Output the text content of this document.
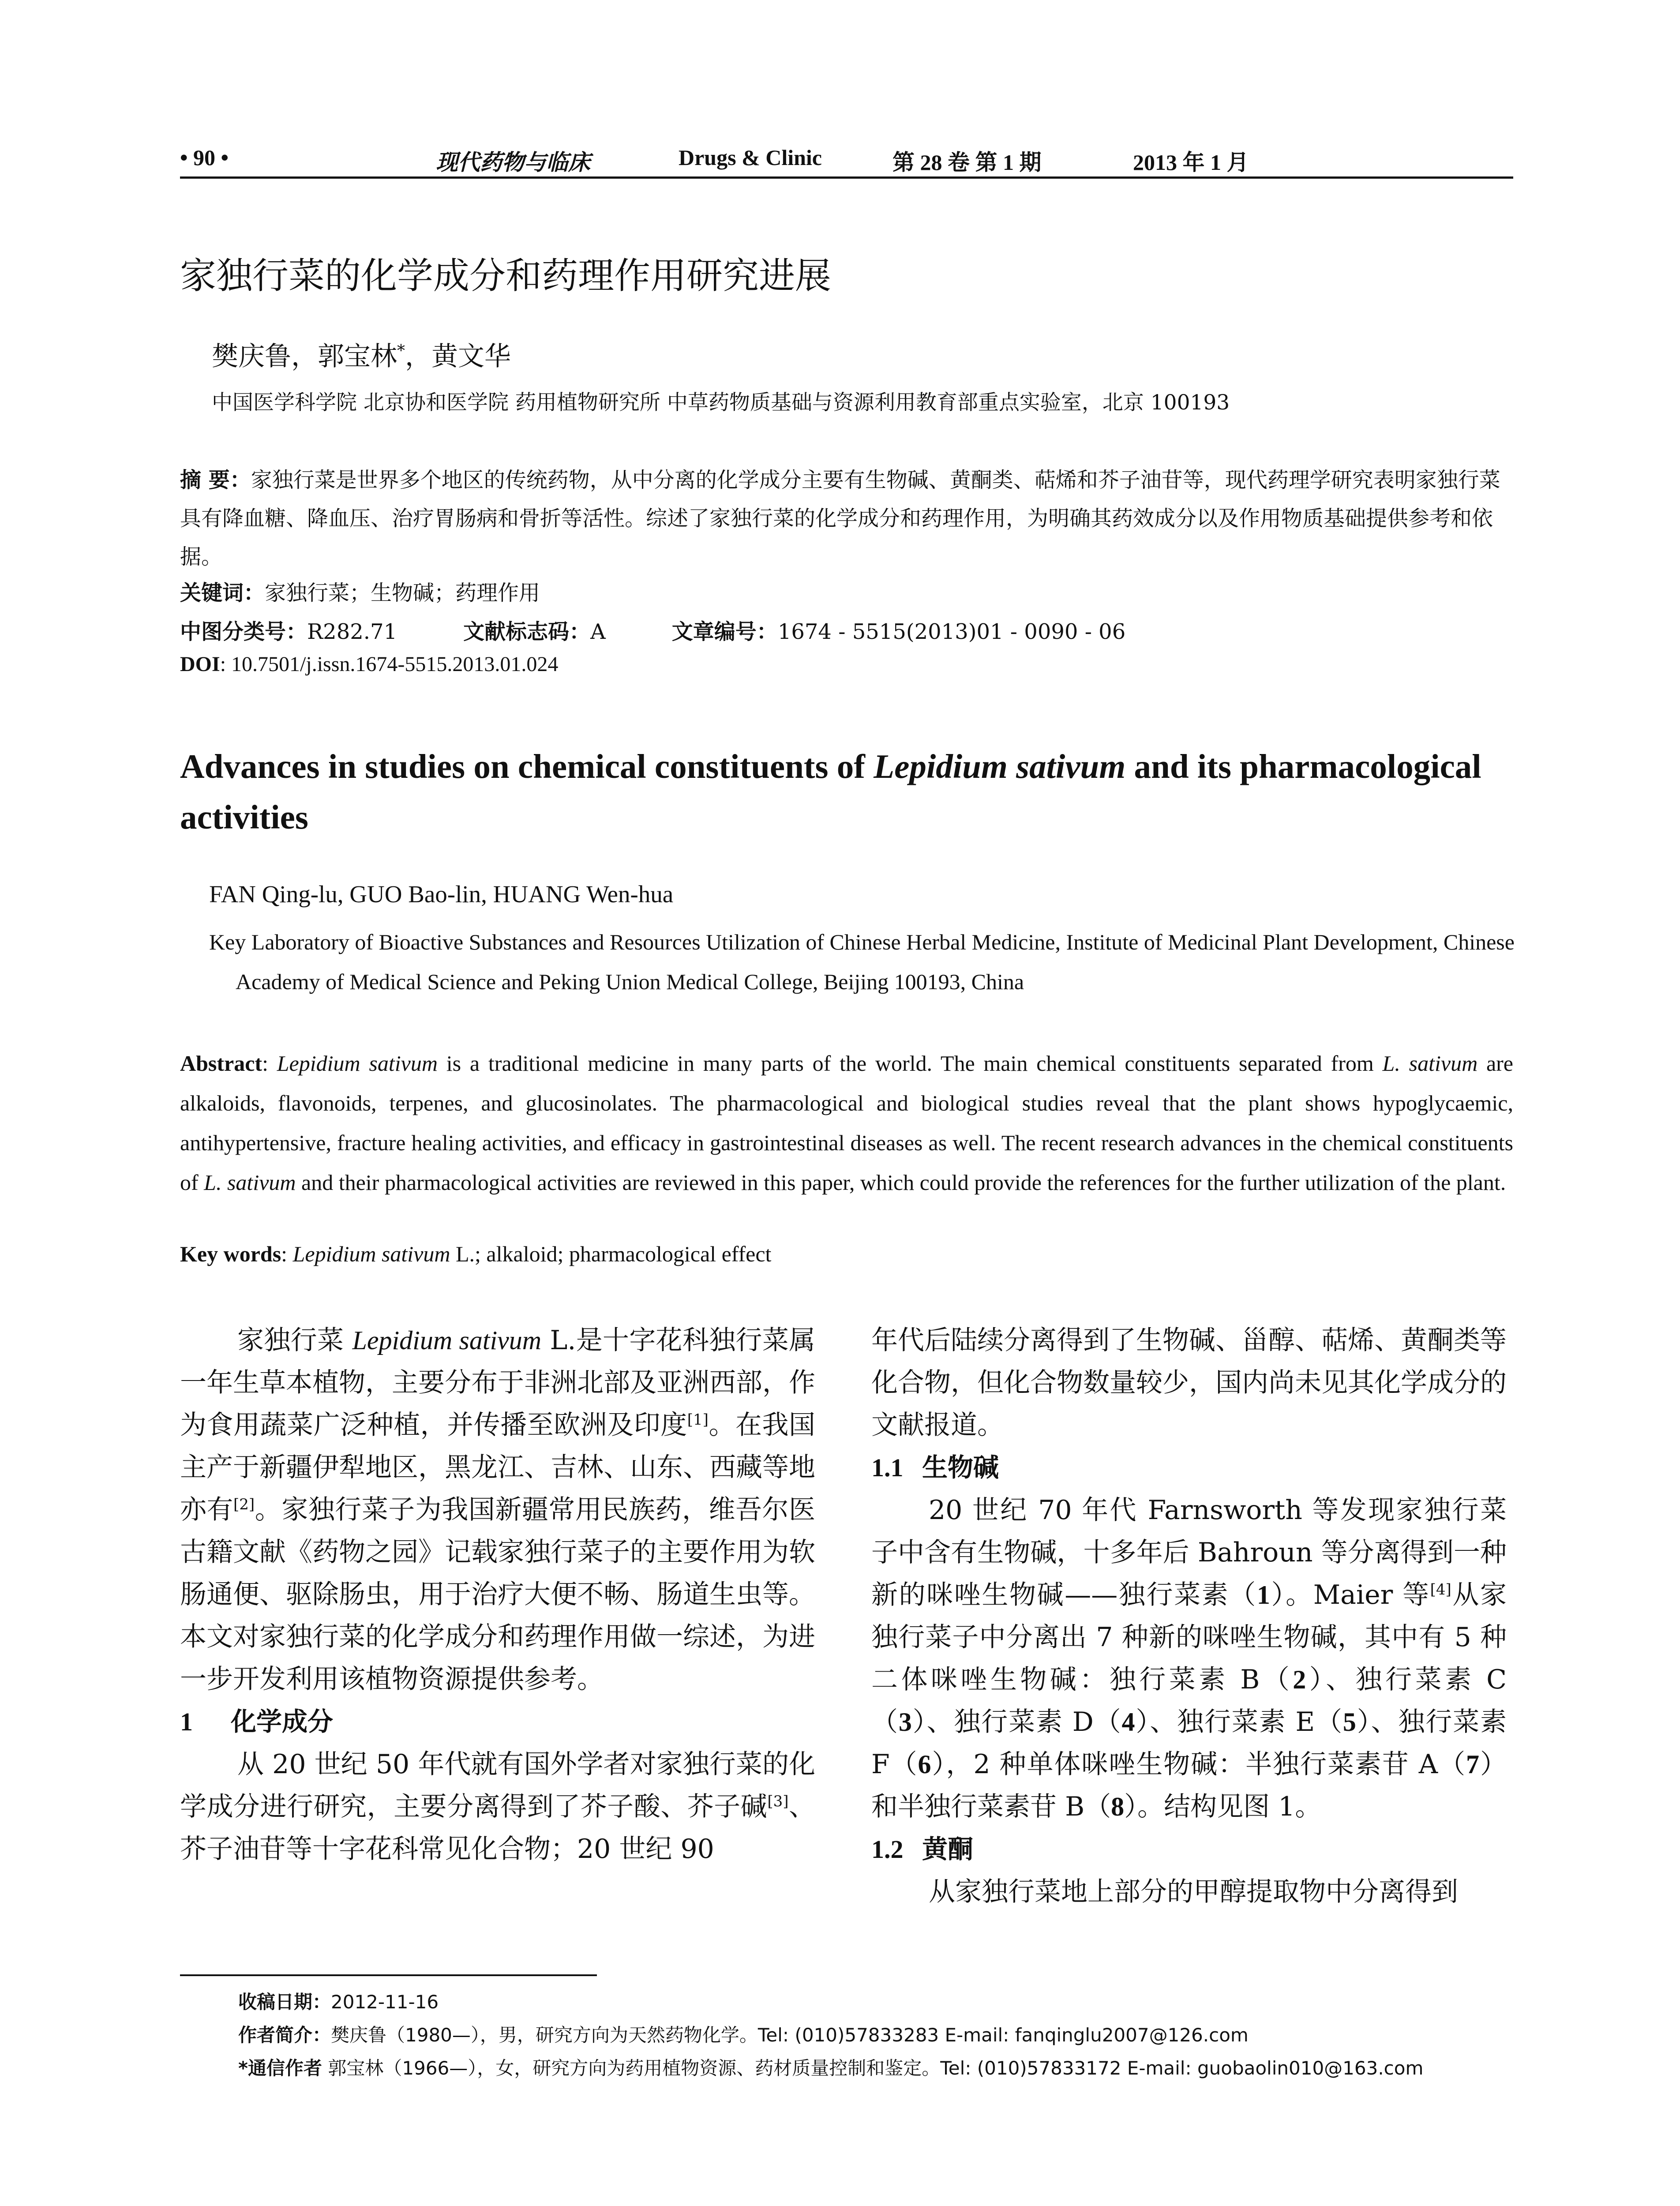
• 90 •	现代药物与临床	Drugs & Clinic	第 28 卷 第 1 期	2013 年 1 月
家独行菜的化学成分和药理作用研究进展
樊庆鲁，郭宝林*，黄文华
中国医学科学院 北京协和医学院 药用植物研究所 中草药物质基础与资源利用教育部重点实验室，北京 100193
摘 要：家独行菜是世界多个地区的传统药物，从中分离的化学成分主要有生物碱、黄酮类、萜烯和芥子油苷等，现代药理学研究表明家独行菜具有降血糖、降血压、治疗胃肠病和骨折等活性。综述了家独行菜的化学成分和药理作用，为明确其药效成分以及作用物质基础提供参考和依据。
关键词：家独行菜；生物碱；药理作用
中图分类号：R282.71	文献标志码：A	文章编号：1674 - 5515(2013)01 - 0090 - 06
DOI: 10.7501/j.issn.1674-5515.2013.01.024
Advances in studies on chemical constituents of Lepidium sativum and its pharmacological activities
FAN Qing-lu, GUO Bao-lin, HUANG Wen-hua
Key Laboratory of Bioactive Substances and Resources Utilization of Chinese Herbal Medicine, Institute of Medicinal Plant Development, Chinese Academy of Medical Science and Peking Union Medical College, Beijing 100193, China
Abstract: Lepidium sativum is a traditional medicine in many parts of the world. The main chemical constituents separated from L. sativum are alkaloids, flavonoids, terpenes, and glucosinolates. The pharmacological and biological studies reveal that the plant shows hypoglycaemic, antihypertensive, fracture healing activities, and efficacy in gastrointestinal diseases as well. The recent research advances in the chemical constituents of L. sativum and their pharmacological activities are reviewed in this paper, which could provide the references for the further utilization of the plant.
Key words: Lepidium sativum L.; alkaloid; pharmacological effect

家独行菜 Lepidium sativum L.是十字花科独行菜属一年生草本植物，主要分布于非洲北部及亚洲西部，作为食用蔬菜广泛种植，并传播至欧洲及印度[1]。在我国主产于新疆伊犁地区，黑龙江、吉林、山东、西藏等地亦有[2]。家独行菜子为我国新疆常用民族药，维吾尔医古籍文献《药物之园》记载家独行菜子的主要作用为软肠通便、驱除肠虫，用于治疗大便不畅、肠道生虫等。本文对家独行菜的化学成分和药理作用做一综述，为进一步开发利用该植物资源提供参考。

1 化学成分

从 20 世纪 50 年代就有国外学者对家独行菜的化学成分进行研究，主要分离得到了芥子酸、芥子碱[3]、芥子油苷等十字花科常见化合物；20 世纪 90

年代后陆续分离得到了生物碱、甾醇、萜烯、黄酮类等化合物，但化合物数量较少，国内尚未见其化学成分的文献报道。

1.1 生物碱

20 世纪 70 年代 Farnsworth 等发现家独行菜子中含有生物碱，十多年后 Bahroun 等分离得到一种新的咪唑生物碱——独行菜素（1）。Maier 等[4]从家独行菜子中分离出 7 种新的咪唑生物碱，其中有 5 种二体咪唑生物碱：独行菜素 B（2）、独行菜素 C（3）、独行菜素 D（4）、独行菜素 E（5）、独行菜素 F（6），2 种单体咪唑生物碱：半独行菜素苷 A（7）和半独行菜素苷 B（8）。结构见图 1。

1.2 黄酮

从家独行菜地上部分的甲醇提取物中分离得到

收稿日期：2012-11-16
作者简介：樊庆鲁（1980—），男，研究方向为天然药物化学。Tel: (010)57833283 E-mail: fanqinglu2007@126.com
*通信作者 郭宝林（1966—），女，研究方向为药用植物资源、药材质量控制和鉴定。Tel: (010)57833172 E-mail: guobaolin010@163.com
